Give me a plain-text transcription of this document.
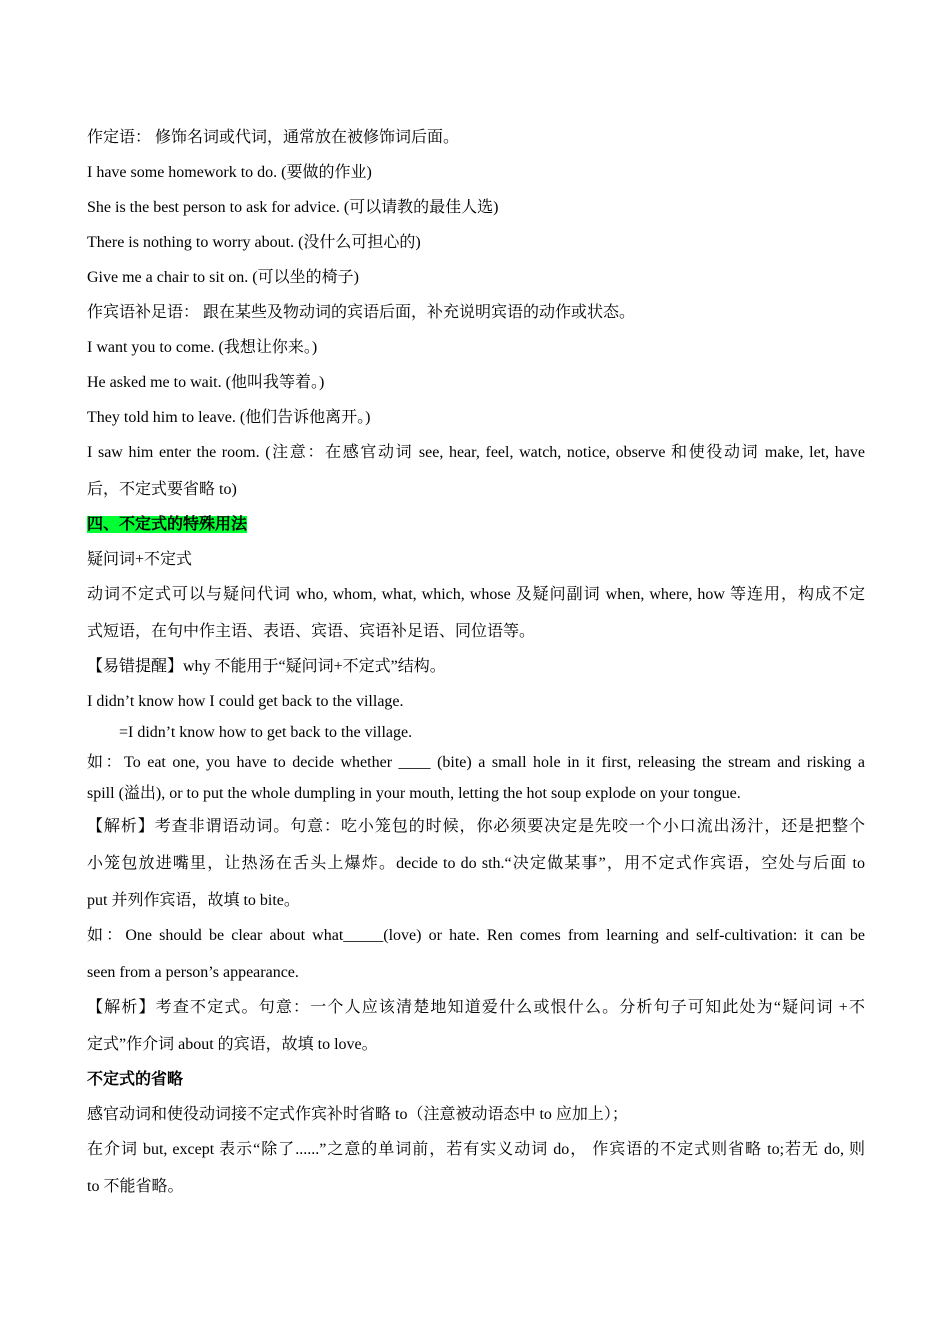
作定语： 修饰名词或代词，通常放在被修饰词后面。
I have some homework to do. (要做的作业)
She is the best person to ask for advice. (可以请教的最佳人选)
There is nothing to worry about. (没什么可担心的)
Give me a chair to sit on. (可以坐的椅子)
作宾语补足语： 跟在某些及物动词的宾语后面，补充说明宾语的动作或状态。
I want you to come. (我想让你来。)
He asked me to wait. (他叫我等着。)
They told him to leave. (他们告诉他离开。)
I saw him enter the room. (注意：在感官动词 see, hear, feel, watch, notice, observe 和使役动词 make, let, have
后，不定式要省略 to)
四、不定式的特殊用法
疑问词+不定式
动词不定式可以与疑问代词 who, whom, what, which, whose 及疑问副词 when, where, how 等连用，构成不定
式短语，在句中作主语、表语、宾语、宾语补足语、同位语等。
【易错提醒】why 不能用于“疑问词+不定式”结构。
I didn’t know how I could get back to the village.
=I didn’t know how to get back to the village.
如：To eat one, you have to decide whether ____ (bite) a small hole in it first, releasing the stream and risking a
spill (溢出), or to put the whole dumpling in your mouth, letting the hot soup explode on your tongue.
【解析】考查非谓语动词。句意：吃小笼包的时候，你必须要决定是先咬一个小口流出汤汁，还是把整个
小笼包放进嘴里，让热汤在舌头上爆炸。decide to do sth.“决定做某事”，用不定式作宾语，空处与后面 to
put 并列作宾语，故填 to bite。
如：One should be clear about what_____(love) or hate. Ren comes from learning and self-cultivation: it can be
seen from a person’s appearance.
【解析】考查不定式。句意：一个人应该清楚地知道爱什么或恨什么。分析句子可知此处为“疑问词 +不
定式”作介词 about 的宾语，故填 to love。
不定式的省略
感官动词和使役动词接不定式作宾补时省略 to（注意被动语态中 to 应加上）；
在介词 but, except 表示“除了......”之意的单词前，若有实义动词 do， 作宾语的不定式则省略 to;若无 do, 则
to 不能省略。
